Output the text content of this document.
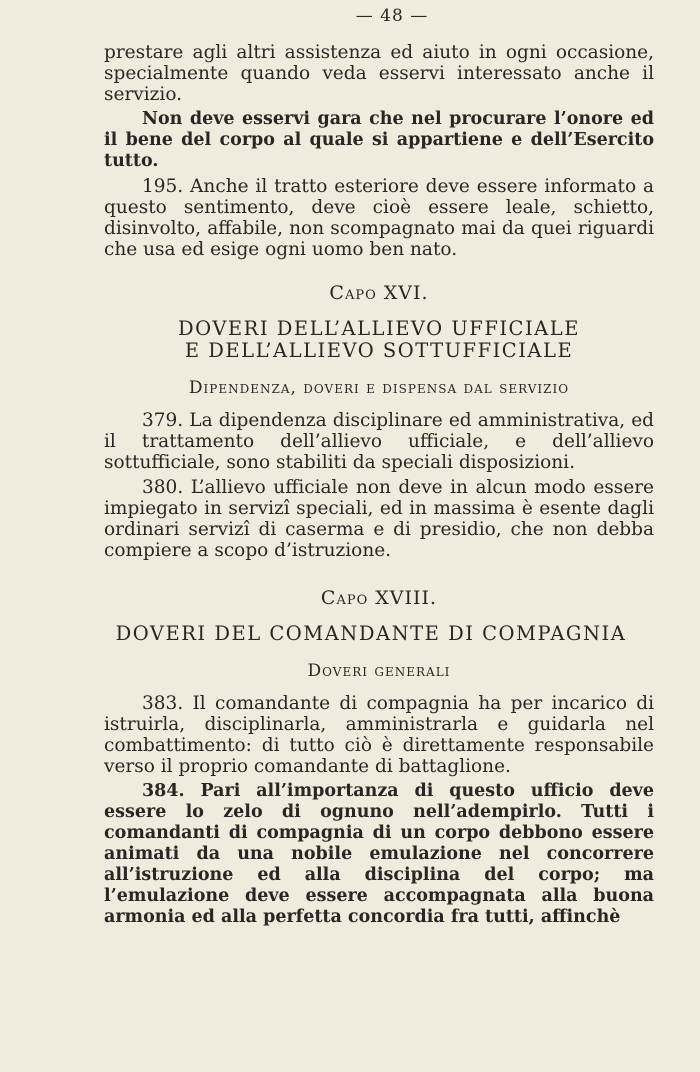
— 48 —

prestare agli altri assistenza ed aiuto in ogni occasione, specialmente quando veda esservi interessato anche il servizio.

Non deve esservi gara che nel procurare l’onore ed il bene del corpo al quale si appartiene e dell’Esercito tutto.

195. Anche il tratto esteriore deve essere informato a questo sentimento, deve cioè essere leale, schietto, disinvolto, affabile, non scompagnato mai da quei riguardi che usa ed esige ogni uomo ben nato.

Capo XVI.
DOVERI DELL’ALLIEVO UFFICIALE
E DELL’ALLIEVO SOTTUFFICIALE
Dipendenza, doveri e dispensa dal servizio

379. La dipendenza disciplinare ed amministrativa, ed il trattamento dell’allievo ufficiale, e dell’allievo sottufficiale, sono stabiliti da speciali disposizioni.

380. L’allievo ufficiale non deve in alcun modo essere impiegato in servizî speciali, ed in massima è esente dagli ordinari servizî di caserma e di presidio, che non debba compiere a scopo d’istruzione.

Capo XVIII.
DOVERI DEL COMANDANTE DI COMPAGNIA
Doveri generali

383. Il comandante di compagnia ha per incarico di istruirla, disciplinarla, amministrarla e guidarla nel combattimento: di tutto ciò è direttamente responsabile verso il proprio comandante di battaglione.

384. Pari all’importanza di questo ufficio deve essere lo zelo di ognuno nell’adempirlo. Tutti i comandanti di compagnia di un corpo debbono essere animati da una nobile emulazione nel concorrere all’istruzione ed alla disciplina del corpo; ma l’emulazione deve essere accompagnata alla buona armonia ed alla perfetta concordia fra tutti, affinchè
